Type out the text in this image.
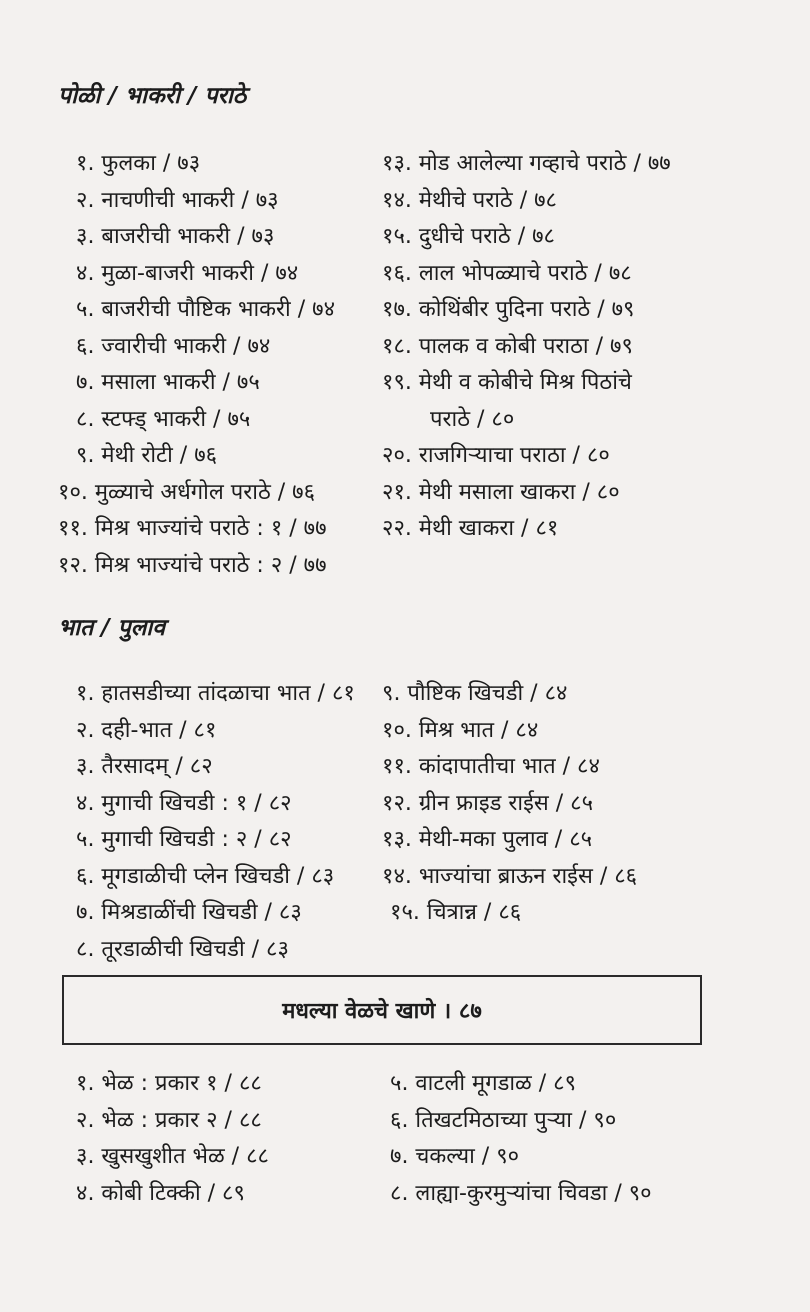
पोळी / भाकरी / पराठे
१. फुलका / ७३
२. नाचणीची भाकरी / ७३
३. बाजरीची भाकरी / ७३
४. मुळा-बाजरी भाकरी / ७४
५. बाजरीची पौष्टिक भाकरी / ७४
६. ज्वारीची भाकरी / ७४
७. मसाला भाकरी / ७५
८. स्टफ्ड् भाकरी / ७५
९. मेथी रोटी / ७६
१०. मुळ्याचे अर्धगोल पराठे / ७६
११. मिश्र भाज्यांचे पराठे : १ / ७७
१२. मिश्र भाज्यांचे पराठे : २ / ७७
१३. मोड आलेल्या गव्हाचे पराठे / ७७
१४. मेथीचे पराठे / ७८
१५. दुधीचे पराठे / ७८
१६. लाल भोपळ्याचे पराठे / ७८
१७. कोथिंबीर पुदिना पराठे / ७९
१८. पालक व कोबी पराठा / ७९
१९. मेथी व कोबीचे मिश्र पिठांचे
पराठे / ८०
२०. राजगिऱ्याचा पराठा / ८०
२१. मेथी मसाला खाकरा / ८०
२२. मेथी खाकरा / ८१
भात / पुलाव
१. हातसडीच्या तांदळाचा भात / ८१
२. दही-भात / ८१
३. तैरसादम् / ८२
४. मुगाची खिचडी : १ / ८२
५. मुगाची खिचडी : २ / ८२
६. मूगडाळीची प्लेन खिचडी / ८३
७. मिश्रडाळींची खिचडी / ८३
८. तूरडाळीची खिचडी / ८३
९. पौष्टिक खिचडी / ८४
१०. मिश्र भात / ८४
११. कांदापातीचा भात / ८४
१२. ग्रीन फ्राइड राईस / ८५
१३. मेथी-मका पुलाव / ८५
१४. भाज्यांचा ब्राऊन राईस / ८६
१५. चित्रान्न / ८६
मधल्या वेळचे खाणे । ८७
१. भेळ : प्रकार १ / ८८
२. भेळ : प्रकार २ / ८८
३. खुसखुशीत भेळ / ८८
४. कोबी टिक्की / ८९
५. वाटली मूगडाळ / ८९
६. तिखटमिठाच्या पुऱ्या / ९०
७. चकल्या / ९०
८. लाह्या-कुरमुऱ्यांचा चिवडा / ९०
